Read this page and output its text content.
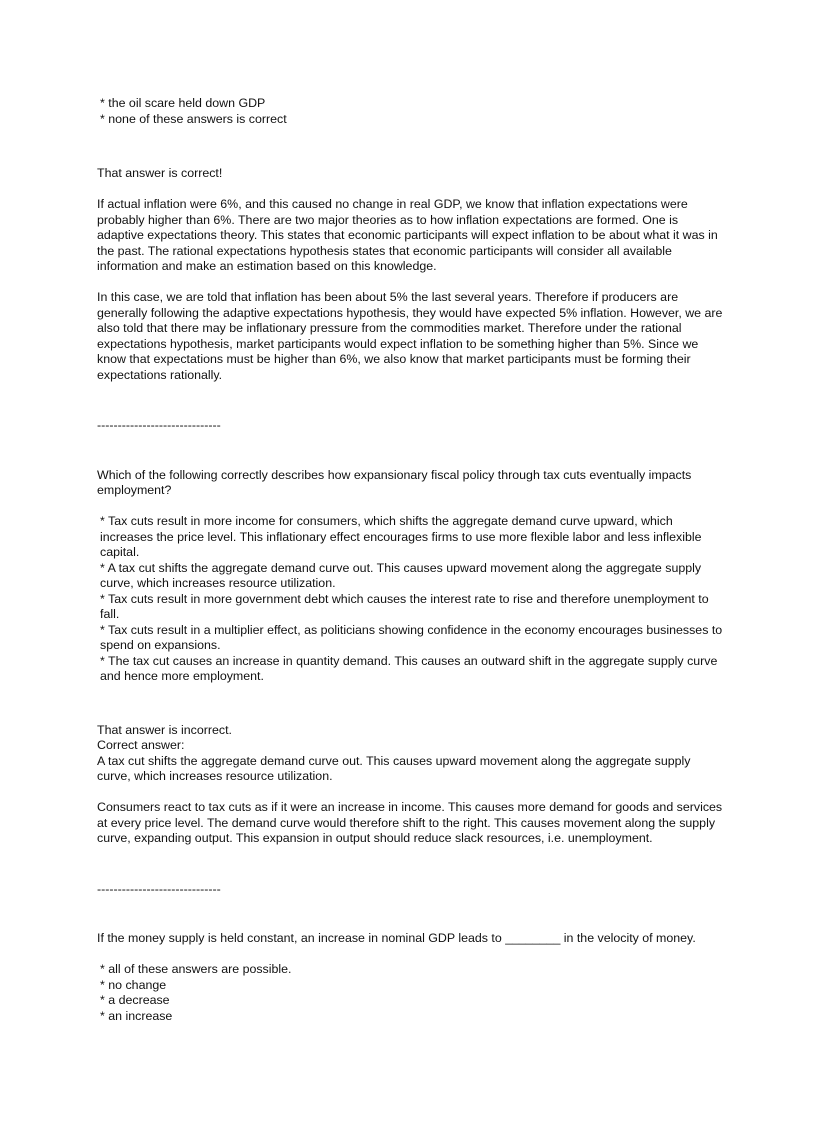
* the oil scare held down GDP

* none of these answers is correct

That answer is correct!

If actual inflation were 6%, and this caused no change in real GDP, we know that inflation expectations were probably higher than 6%. There are two major theories as to how inflation expectations are formed. One is adaptive expectations theory. This states that economic participants will expect inflation to be about what it was in the past. The rational expectations hypothesis states that economic participants will consider all available information and make an estimation based on this knowledge.

In this case, we are told that inflation has been about 5% the last several years. Therefore if producers are generally following the adaptive expectations hypothesis, they would have expected 5% inflation. However, we are also told that there may be inflationary pressure from the commodities market. Therefore under the rational expectations hypothesis, market participants would expect inflation to be something higher than 5%. Since we know that expectations must be higher than 6%, we also know that market participants must be forming their expectations rationally.

------------------------------

Which of the following correctly describes how expansionary fiscal policy through tax cuts eventually impacts employment?

* Tax cuts result in more income for consumers, which shifts the aggregate demand curve upward, which increases the price level. This inflationary effect encourages firms to use more flexible labor and less inflexible capital.

* A tax cut shifts the aggregate demand curve out. This causes upward movement along the aggregate supply curve, which increases resource utilization.

* Tax cuts result in more government debt which causes the interest rate to rise and therefore unemployment to fall.

* Tax cuts result in a multiplier effect, as politicians showing confidence in the economy encourages businesses to spend on expansions.

* The tax cut causes an increase in quantity demand. This causes an outward shift in the aggregate supply curve and hence more employment.

That answer is incorrect.

Correct answer:

A tax cut shifts the aggregate demand curve out. This causes upward movement along the aggregate supply curve, which increases resource utilization.

Consumers react to tax cuts as if it were an increase in income. This causes more demand for goods and services at every price level. The demand curve would therefore shift to the right. This causes movement along the supply curve, expanding output. This expansion in output should reduce slack resources, i.e. unemployment.

------------------------------

If the money supply is held constant, an increase in nominal GDP leads to ________ in the velocity of money.

* all of these answers are possible.

* no change

* a decrease

* an increase
